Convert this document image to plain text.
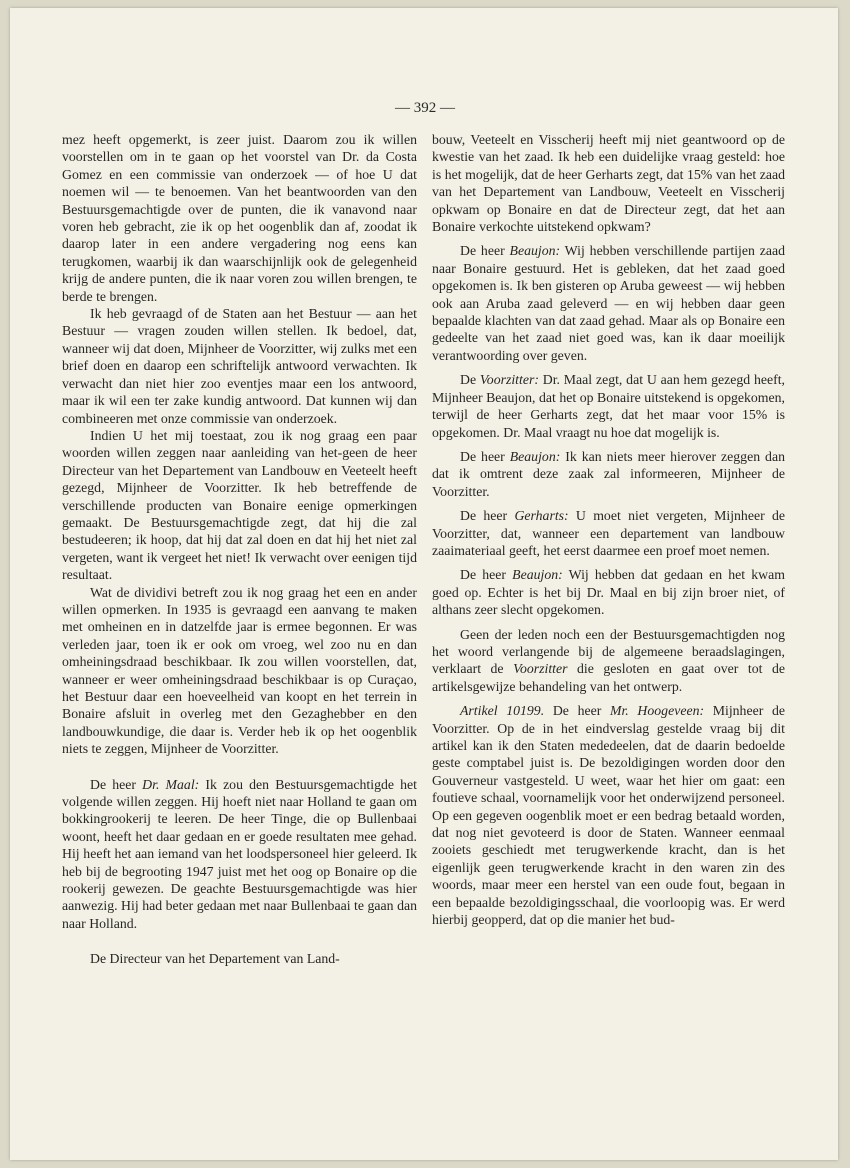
— 392 —

mez heeft opgemerkt, is zeer juist. Daarom zou ik willen voorstellen om in te gaan op het voorstel van Dr. da Costa Gomez en een commissie van onderzoek — of hoe U dat noemen wil — te benoemen. Van het beantwoorden van den Bestuursgemachtigde over de punten, die ik vanavond naar voren heb gebracht, zie ik op het oogenblik dan af, zoodat ik daarop later in een andere vergadering nog eens kan terugkomen, waarbij ik dan waarschijnlijk ook de gelegenheid krijg de andere punten, die ik naar voren zou willen brengen, te berde te brengen.

Ik heb gevraagd of de Staten aan het Bestuur — aan het Bestuur — vragen zouden willen stellen. Ik bedoel, dat, wanneer wij dat doen, Mijnheer de Voorzitter, wij zulks met een brief doen en daarop een schriftelijk antwoord verwachten. Ik verwacht dan niet hier zoo eventjes maar een los antwoord, maar ik wil een ter zake kundig antwoord. Dat kunnen wij dan combineeren met onze commissie van onderzoek.

Indien U het mij toestaat, zou ik nog graag een paar woorden willen zeggen naar aanleiding van het-geen de heer Directeur van het Departement van Landbouw en Veeteelt heeft gezegd, Mijnheer de Voorzitter. Ik heb betreffende de verschillende producten van Bonaire eenige opmerkingen gemaakt. De Bestuursgemachtigde zegt, dat hij die zal bestudeeren; ik hoop, dat hij dat zal doen en dat hij het niet zal vergeten, want ik vergeet het niet! Ik verwacht over eenigen tijd resultaat.

Wat de dividivi betreft zou ik nog graag het een en ander willen opmerken. In 1935 is gevraagd een aanvang te maken met omheinen en in datzelfde jaar is ermee begonnen. Er was verleden jaar, toen ik er ook om vroeg, wel zoo nu en dan omheiningsdraad beschikbaar. Ik zou willen voorstellen, dat, wanneer er weer omheiningsdraad beschikbaar is op Curaçao, het Bestuur daar een hoeveelheid van koopt en het terrein in Bonaire afsluit in overleg met den Gezaghebber en den landbouwkundige, die daar is. Verder heb ik op het oogenblik niets te zeggen, Mijnheer de Voorzitter.

De heer Dr. Maal: Ik zou den Bestuursgemachtigde het volgende willen zeggen. Hij hoeft niet naar Holland te gaan om bokkingrookerij te leeren. De heer Tinge, die op Bullenbaai woont, heeft het daar gedaan en er goede resultaten mee gehad. Hij heeft het aan iemand van het loodspersoneel hier geleerd. Ik heb bij de begrooting 1947 juist met het oog op Bonaire op die rookerij gewezen. De geachte Bestuursgemachtigde was hier aanwezig. Hij had beter gedaan met naar Bullenbaai te gaan dan naar Holland.

De Directeur van het Departement van Land-

bouw, Veeteelt en Visscherij heeft mij niet geantwoord op de kwestie van het zaad. Ik heb een duidelijke vraag gesteld: hoe is het mogelijk, dat de heer Gerharts zegt, dat 15% van het zaad van het Departement van Landbouw, Veeteelt en Visscherij opkwam op Bonaire en dat de Directeur zegt, dat het aan Bonaire verkochte uitstekend opkwam?

De heer Beaujon: Wij hebben verschillende partijen zaad naar Bonaire gestuurd. Het is gebleken, dat het zaad goed opgekomen is. Ik ben gisteren op Aruba geweest — wij hebben ook aan Aruba zaad geleverd — en wij hebben daar geen bepaalde klachten van dat zaad gehad. Maar als op Bonaire een gedeelte van het zaad niet goed was, kan ik daar moeilijk verantwoording over geven.

De Voorzitter: Dr. Maal zegt, dat U aan hem gezegd heeft, Mijnheer Beaujon, dat het op Bonaire uitstekend is opgekomen, terwijl de heer Gerharts zegt, dat het maar voor 15% is opgekomen. Dr. Maal vraagt nu hoe dat mogelijk is.

De heer Beaujon: Ik kan niets meer hierover zeggen dan dat ik omtrent deze zaak zal informeeren, Mijnheer de Voorzitter.

De heer Gerharts: U moet niet vergeten, Mijnheer de Voorzitter, dat, wanneer een departement van landbouw zaaimateriaal geeft, het eerst daarmee een proef moet nemen.

De heer Beaujon: Wij hebben dat gedaan en het kwam goed op. Echter is het bij Dr. Maal en bij zijn broer niet, of althans zeer slecht opgekomen.

Geen der leden noch een der Bestuursgemachtigden nog het woord verlangende bij de algemeene beraadslagingen, verklaart de Voorzitter die gesloten en gaat over tot de artikelsgewijze behandeling van het ontwerp.

Artikel 10199. De heer Mr. Hoogeveen: Mijnheer de Voorzitter. Op de in het eindverslag gestelde vraag bij dit artikel kan ik den Staten mededeelen, dat de daarin bedoelde geste comptabel juist is. De bezoldigingen worden door den Gouverneur vastgesteld. U weet, waar het hier om gaat: een foutieve schaal, voornamelijk voor het onderwijzend personeel. Op een gegeven oogenblik moet er een bedrag betaald worden, dat nog niet gevoteerd is door de Staten. Wanneer eenmaal zooiets geschiedt met terugwerkende kracht, dan is het eigenlijk geen terugwerkende kracht in den waren zin des woords, maar meer een herstel van een oude fout, begaan in een bepaalde bezoldigingsschaal, die voorloopig was. Er werd hierbij geopperd, dat op die manier het bud-
